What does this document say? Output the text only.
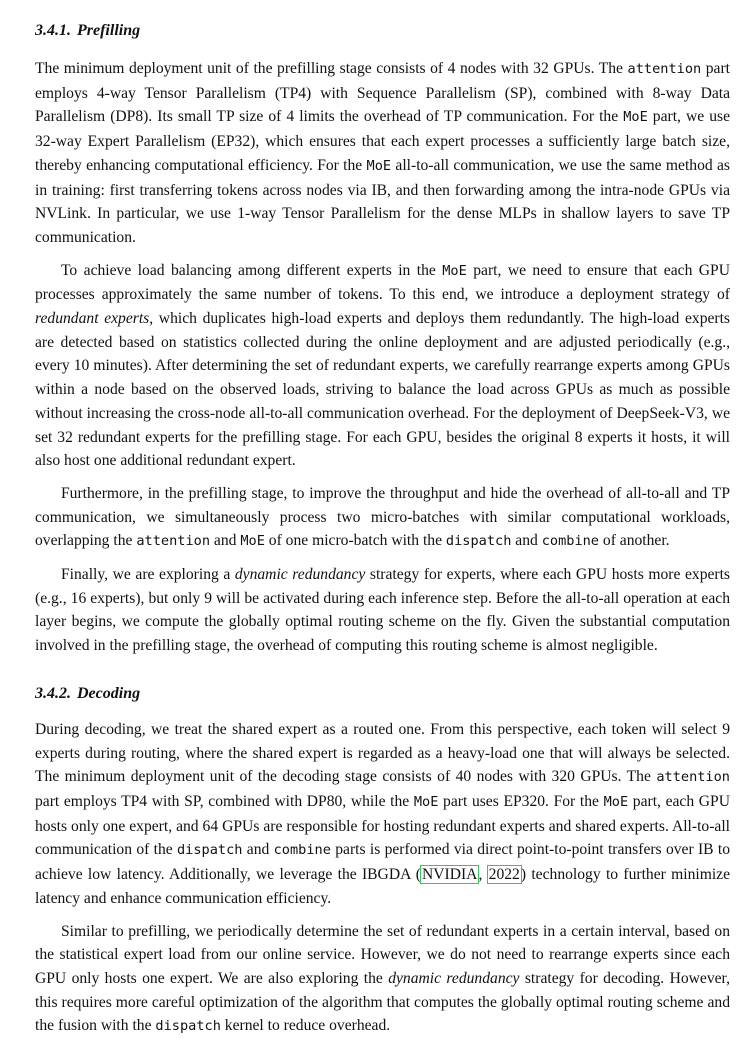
3.4.1. Prefilling

The minimum deployment unit of the prefilling stage consists of 4 nodes with 32 GPUs. The attention part employs 4-way Tensor Parallelism (TP4) with Sequence Parallelism (SP), combined with 8-way Data Parallelism (DP8). Its small TP size of 4 limits the overhead of TP communication. For the MoE part, we use 32-way Expert Parallelism (EP32), which ensures that each expert processes a sufficiently large batch size, thereby enhancing computational efficiency. For the MoE all-to-all communication, we use the same method as in training: first transferring tokens across nodes via IB, and then forwarding among the intra-node GPUs via NVLink. In particular, we use 1-way Tensor Parallelism for the dense MLPs in shallow layers to save TP communication.

To achieve load balancing among different experts in the MoE part, we need to ensure that each GPU processes approximately the same number of tokens. To this end, we introduce a deployment strategy of redundant experts, which duplicates high-load experts and deploys them redundantly. The high-load experts are detected based on statistics collected during the online deployment and are adjusted periodically (e.g., every 10 minutes). After determining the set of redundant experts, we carefully rearrange experts among GPUs within a node based on the observed loads, striving to balance the load across GPUs as much as possible without increasing the cross-node all-to-all communication overhead. For the deployment of DeepSeek-V3, we set 32 redundant experts for the prefilling stage. For each GPU, besides the original 8 experts it hosts, it will also host one additional redundant expert.

Furthermore, in the prefilling stage, to improve the throughput and hide the overhead of all-to-all and TP communication, we simultaneously process two micro-batches with similar computational workloads, overlapping the attention and MoE of one micro-batch with the dispatch and combine of another.

Finally, we are exploring a dynamic redundancy strategy for experts, where each GPU hosts more experts (e.g., 16 experts), but only 9 will be activated during each inference step. Before the all-to-all operation at each layer begins, we compute the globally optimal routing scheme on the fly. Given the substantial computation involved in the prefilling stage, the overhead of computing this routing scheme is almost negligible.

3.4.2. Decoding

During decoding, we treat the shared expert as a routed one. From this perspective, each token will select 9 experts during routing, where the shared expert is regarded as a heavy-load one that will always be selected. The minimum deployment unit of the decoding stage consists of 40 nodes with 320 GPUs. The attention part employs TP4 with SP, combined with DP80, while the MoE part uses EP320. For the MoE part, each GPU hosts only one expert, and 64 GPUs are responsible for hosting redundant experts and shared experts. All-to-all communication of the dispatch and combine parts is performed via direct point-to-point transfers over IB to achieve low latency. Additionally, we leverage the IBGDA (NVIDIA, 2022) technology to further minimize latency and enhance communication efficiency.

Similar to prefilling, we periodically determine the set of redundant experts in a certain interval, based on the statistical expert load from our online service. However, we do not need to rearrange experts since each GPU only hosts one expert. We are also exploring the dynamic redundancy strategy for decoding. However, this requires more careful optimization of the algorithm that computes the globally optimal routing scheme and the fusion with the dispatch kernel to reduce overhead.
